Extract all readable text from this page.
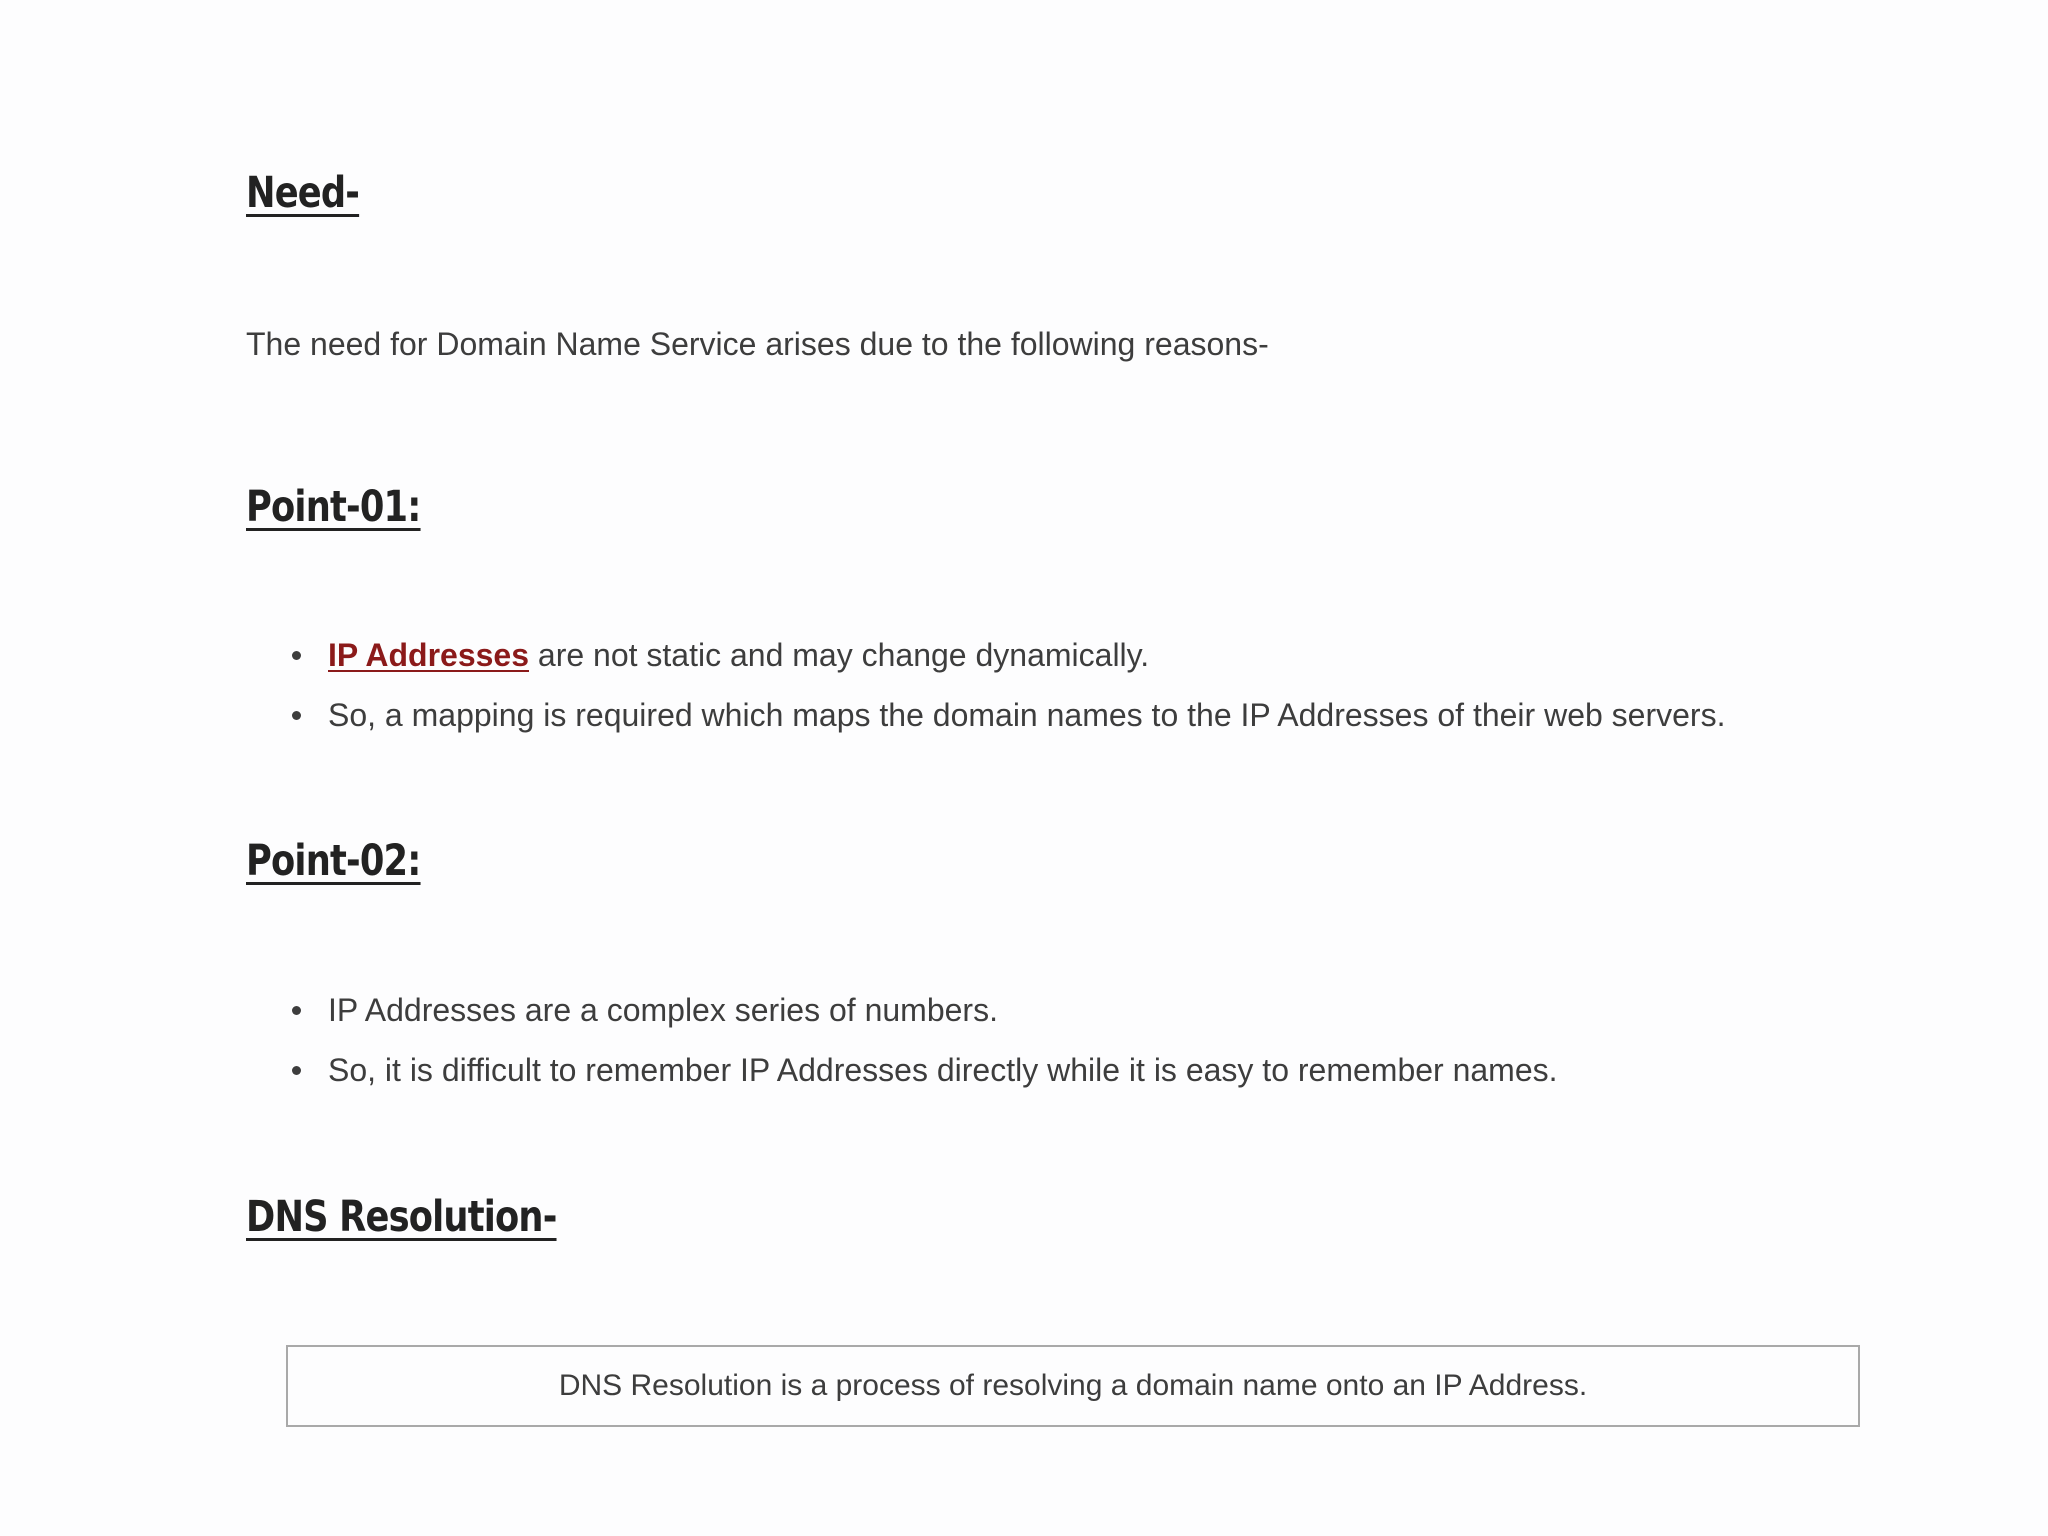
Need-

The need for Domain Name Service arises due to the following reasons-

Point-01:
IP Addresses are not static and may change dynamically.
So, a mapping is required which maps the domain names to the IP Addresses of their web servers.
Point-02:
IP Addresses are a complex series of numbers.
So, it is difficult to remember IP Addresses directly while it is easy to remember names.
DNS Resolution-
DNS Resolution is a process of resolving a domain name onto an IP Address.
